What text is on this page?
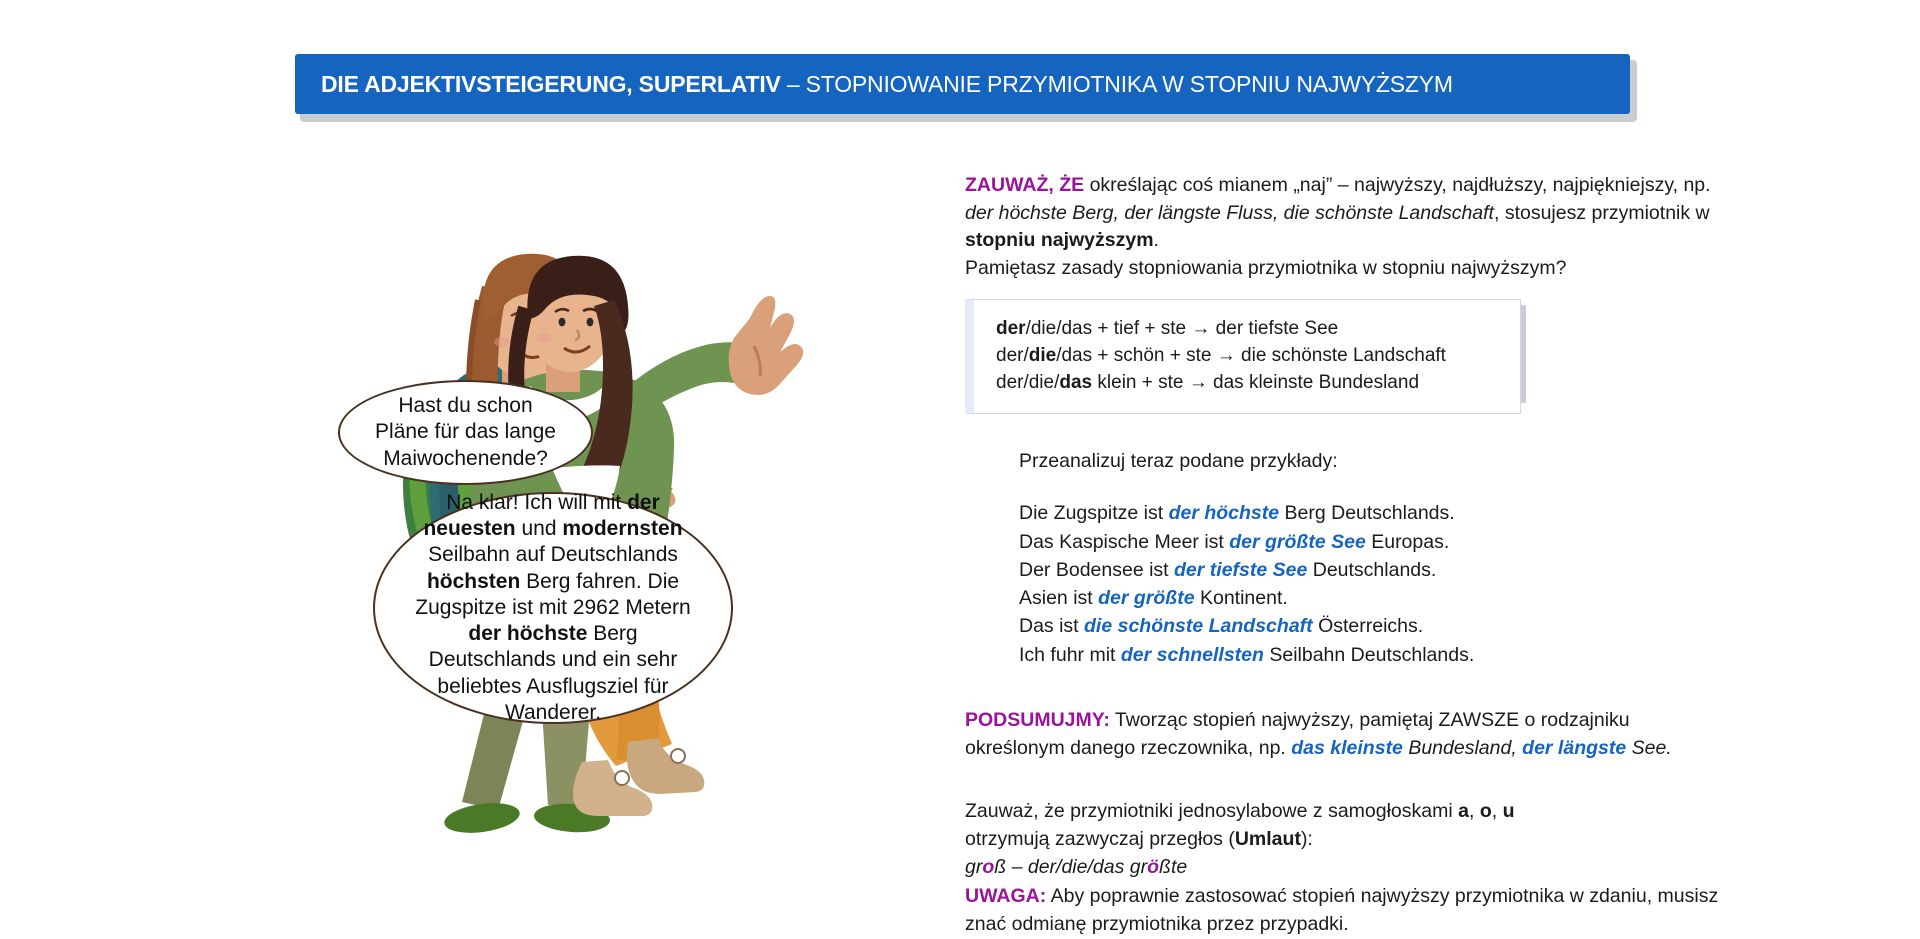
DIE ADJEKTIVSTEIGERUNG, SUPERLATIV – STOPNIOWANIE PRZYMIOTNIKA W STOPNIU NAJWYŻSZYM
Hast du schon
Pläne für das lange
Maiwochenende?
Na klar! Ich will mit der neuesten und modernsten Seilbahn auf Deutschlands höchsten Berg fahren. Die Zugspitze ist mit 2962 Metern der höchste Berg Deutschlands und ein sehr beliebtes Ausflugsziel für Wanderer.
ZAUWAŻ, ŻE określając coś mianem „naj” – najwyższy, najdłuższy, najpiękniejszy, np. der höchste Berg, der längste Fluss, die schönste Landschaft, stosujesz przymiotnik w stopniu najwyższym.
Pamiętasz zasady stopniowania przymiotnika w stopniu najwyższym?
der/die/das + tief + ste → der tiefste See
der/die/das + schön + ste → die schönste Landschaft
der/die/das klein + ste → das kleinste Bundesland
Przeanalizuj teraz podane przykłady:
Die Zugspitze ist der höchste Berg Deutschlands.
Das Kaspische Meer ist der größte See Europas.
Der Bodensee ist der tiefste See Deutschlands.
Asien ist der größte Kontinent.
Das ist die schönste Landschaft Österreichs.
Ich fuhr mit der schnellsten Seilbahn Deutschlands.
PODSUMUJMY: Tworząc stopień najwyższy, pamiętaj ZAWSZE o rodzajniku określonym danego rzeczownika, np. das kleinste Bundesland, der längste See.
Zauważ, że przymiotniki jednosylabowe z samogłoskami a, o, u
otrzymują zazwyczaj przegłos (Umlaut):
groß – der/die/das größte
UWAGA: Aby poprawnie zastosować stopień najwyższy przymiotnika w zdaniu, musisz znać odmianę przymiotnika przez przypadki.
